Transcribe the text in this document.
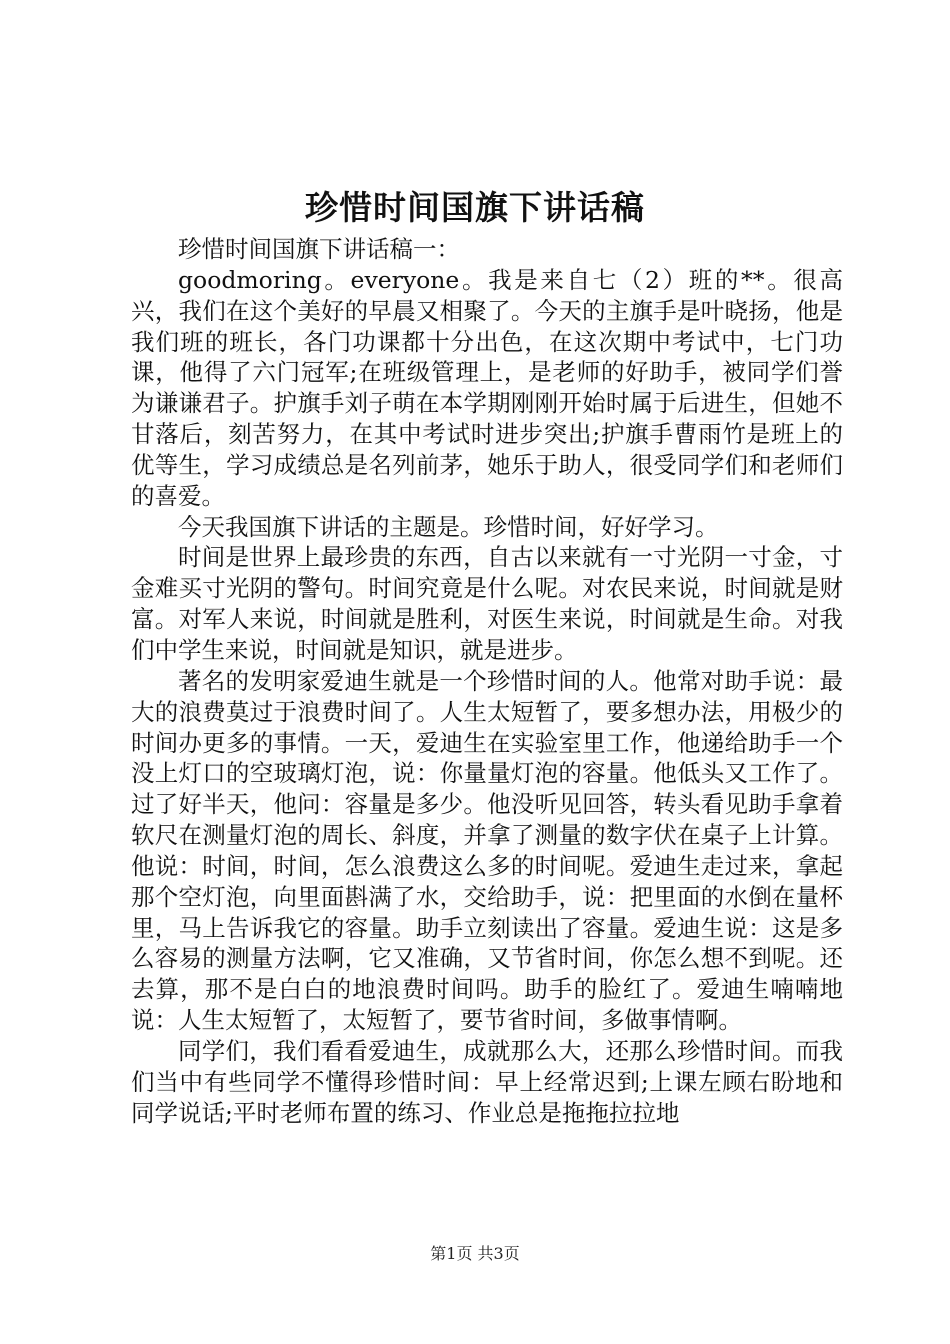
珍惜时间国旗下讲话稿

珍惜时间国旗下讲话稿一：

goodmoring。everyone。我是来自七（2）班的**。很高兴，我们在这个美好的早晨又相聚了。今天的主旗手是叶晓扬，他是我们班的班长，各门功课都十分出色，在这次期中考试中，七门功课，他得了六门冠军;在班级管理上，是老师的好助手，被同学们誉为谦谦君子。护旗手刘子萌在本学期刚刚开始时属于后进生，但她不甘落后，刻苦努力，在其中考试时进步突出;护旗手曹雨竹是班上的优等生，学习成绩总是名列前茅，她乐于助人，很受同学们和老师们的喜爱。

今天我国旗下讲话的主题是。珍惜时间，好好学习。

时间是世界上最珍贵的东西，自古以来就有一寸光阴一寸金，寸金难买寸光阴的警句。时间究竟是什么呢。对农民来说，时间就是财富。对军人来说，时间就是胜利，对医生来说，时间就是生命。对我们中学生来说，时间就是知识，就是进步。

著名的发明家爱迪生就是一个珍惜时间的人。他常对助手说：最大的浪费莫过于浪费时间了。人生太短暂了，要多想办法，用极少的时间办更多的事情。一天，爱迪生在实验室里工作，他递给助手一个没上灯口的空玻璃灯泡，说：你量量灯泡的容量。他低头又工作了。过了好半天，他问：容量是多少。他没听见回答，转头看见助手拿着软尺在测量灯泡的周长、斜度，并拿了测量的数字伏在桌子上计算。他说：时间，时间，怎么浪费这么多的时间呢。爱迪生走过来，拿起那个空灯泡，向里面斟满了水，交给助手，说：把里面的水倒在量杯里，马上告诉我它的容量。助手立刻读出了容量。爱迪生说：这是多么容易的测量方法啊，它又准确，又节省时间，你怎么想不到呢。还去算，那不是白白的地浪费时间吗。助手的脸红了。爱迪生喃喃地说：人生太短暂了，太短暂了，要节省时间，多做事情啊。

同学们，我们看看爱迪生，成就那么大，还那么珍惜时间。而我们当中有些同学不懂得珍惜时间：早上经常迟到;上课左顾右盼地和同学说话;平时老师布置的练习、作业总是拖拖拉拉地

第1页 共3页
